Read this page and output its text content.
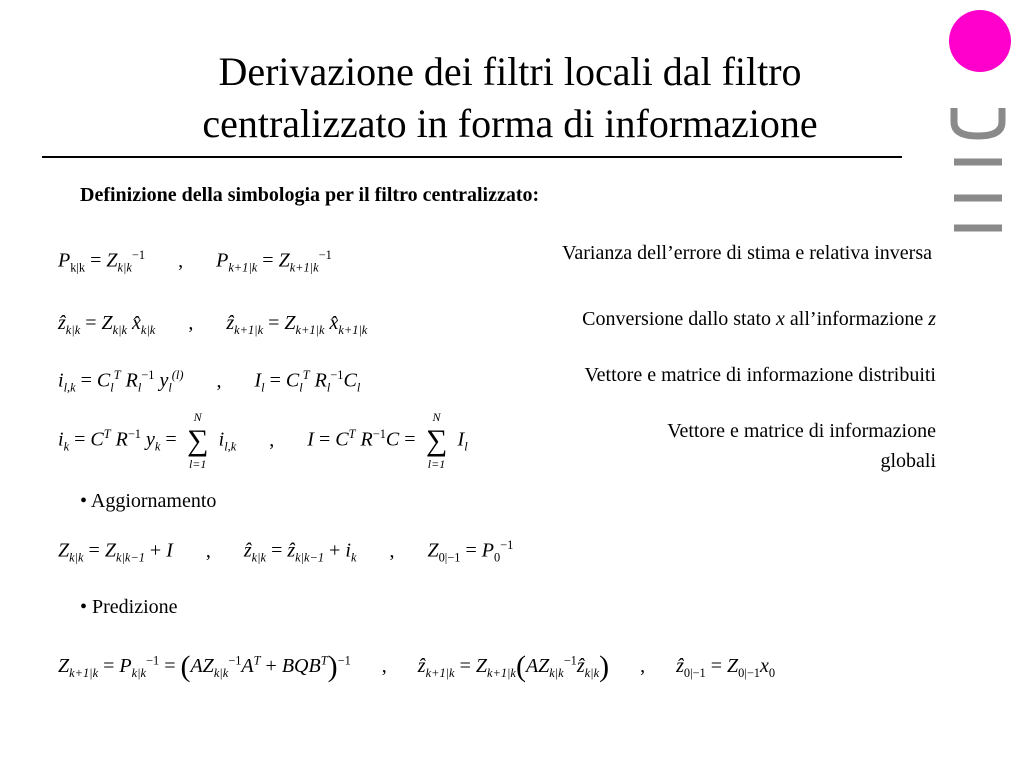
Derivazione dei filtri locali dal filtro
centralizzato in forma di informazione
Definizione della simbologia per il filtro centralizzato:
$P_{k|k} = Z_{k|k}^{-1}$ , $P_{k+1|k} = Z_{k+1|k}^{-1}$	Varianza dell’errore di stima e relativa inversa
ẑ$_{k|k}$ = $Z_{k|k}$ $x̂_{k|k}$ , ẑ$_{k+1|k}$ = $Z_{k+1|k}$ $x̂_{k+1|k}$	Conversione dallo stato x all’informazione z
$i_{l,k} = C_l^T$ $R_l^{-1}$ $y_l^{(l)}$ , $I_l = C_l^T$ $R_l^{-1}C_l$
Vettore e matrice di informazione distribuiti
$i_k = C^T$ $R^{-1}$ $y_k$ =
N
∑
l=1
$i_{l,k}$ , $I = C^T$ $R^{-1}C$ =
N
∑
l=1
$I_l$
Vettore e matrice di informazione
globali
• Aggiornamento
$Z_{k|k} = Z_{k|k-1} + I$ , ẑ$_{k|k}$ = ẑ$_{k|k-1}$ + $i_k$ , $Z_{0|-1} = P_0^{-1}$
• Predizione
$Z_{k+1|k} = P_{k|k}^{-1} = (AZ_{k|k}^{-1}A^T + BQB^T)^{-1}$ , ẑ$_{k+1|k}$ = $Z_{k+1|k}(AZ_{k|k}^{-1}ẑ_{k|k})$ , ẑ$_{0|-1}$ = $Z_{0|-1}x_0$
